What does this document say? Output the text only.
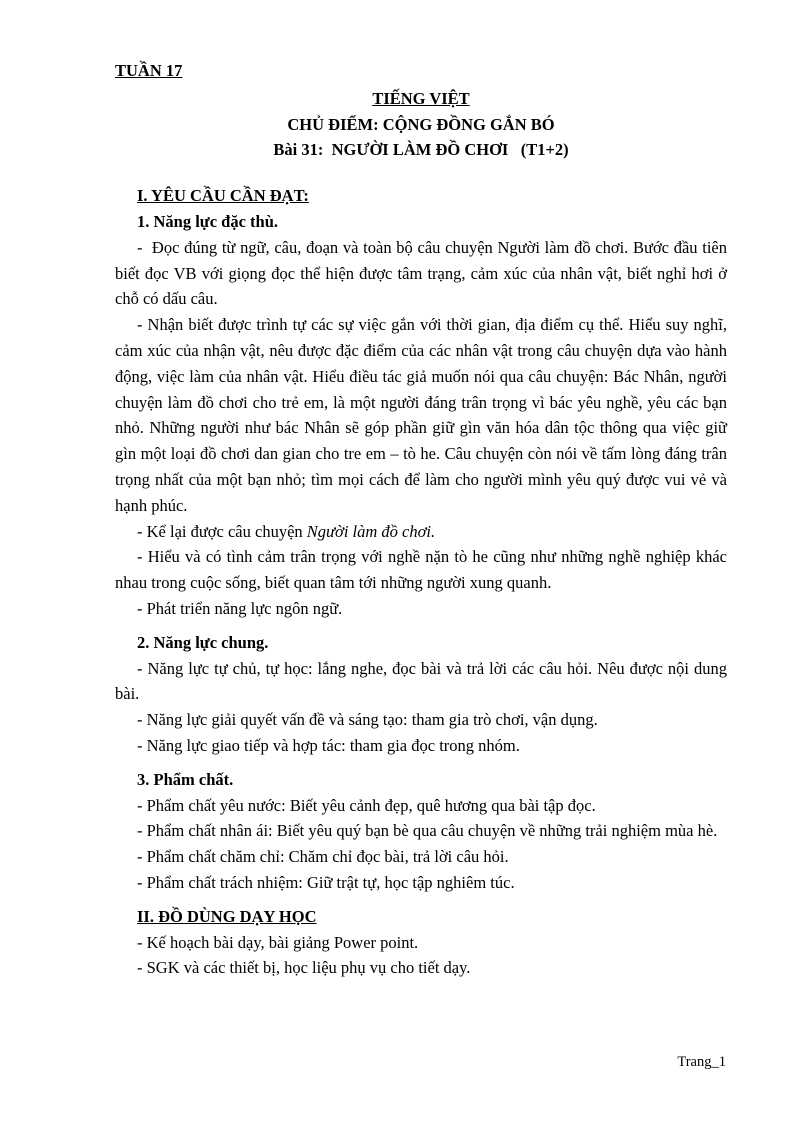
TUẦN 17
TIẾNG VIỆT
CHỦ ĐIỂM: CỘNG ĐỒNG GẮN BÓ
Bài 31:  NGƯỜI LÀM ĐỒ CHƠI   (T1+2)
I. YÊU CẦU CẦN ĐẠT:
1. Năng lực đặc thù.
-  Đọc đúng từ ngữ, câu, đoạn và toàn bộ câu chuyện Người làm đồ chơi. Bước đầu tiên biết đọc VB với giọng đọc thể hiện được tâm trạng, cảm xúc của nhân vật, biết nghỉ hơi ở chỗ có dấu câu.
- Nhận biết được trình tự các sự việc gắn với thời gian, địa điểm cụ thể. Hiểu suy nghĩ, cảm xúc của nhận vật, nêu được đặc điểm của các nhân vật trong câu chuyện dựa vào hành động, việc làm của nhân vật. Hiểu điều tác giả muốn nói qua câu chuyện: Bác Nhân, người chuyện làm đồ chơi cho trẻ em, là một người đáng trân trọng vì bác yêu nghề, yêu các bạn nhỏ. Những người như bác Nhân sẽ góp phần giữ gìn văn hóa dân tộc thông qua việc giữ gìn một loại đồ chơi dan gian cho tre em – tò he. Câu chuyện còn nói về tấm lòng đáng trân trọng nhất của một bạn nhỏ; tìm mọi cách để làm cho người mình yêu quý được vui vẻ và hạnh phúc.
- Kể lại được câu chuyện Người làm đồ chơi.
- Hiểu và có tình cảm trân trọng với nghề nặn tò he cũng như những nghề nghiệp khác nhau trong cuộc sống, biết quan tâm tới những người xung quanh.
- Phát triển năng lực ngôn ngữ.
2. Năng lực chung.
- Năng lực tự chủ, tự học: lắng nghe, đọc bài và trả lời các câu hỏi. Nêu được nội dung bài.
- Năng lực giải quyết vấn đề và sáng tạo: tham gia trò chơi, vận dụng.
- Năng lực giao tiếp và hợp tác: tham gia đọc trong nhóm.
3. Phẩm chất.
- Phẩm chất yêu nước: Biết yêu cảnh đẹp, quê hương qua bài tập đọc.
- Phẩm chất nhân ái: Biết yêu quý bạn bè qua câu chuyện về những trải nghiệm mùa hè.
- Phẩm chất chăm chỉ: Chăm chỉ đọc bài, trả lời câu hỏi.
- Phẩm chất trách nhiệm: Giữ trật tự, học tập nghiêm túc.
II. ĐỒ DÙNG DẠY HỌC
- Kế hoạch bài dạy, bài giảng Power point.
- SGK và các thiết bị, học liệu phụ vụ cho tiết dạy.
Trang_1
